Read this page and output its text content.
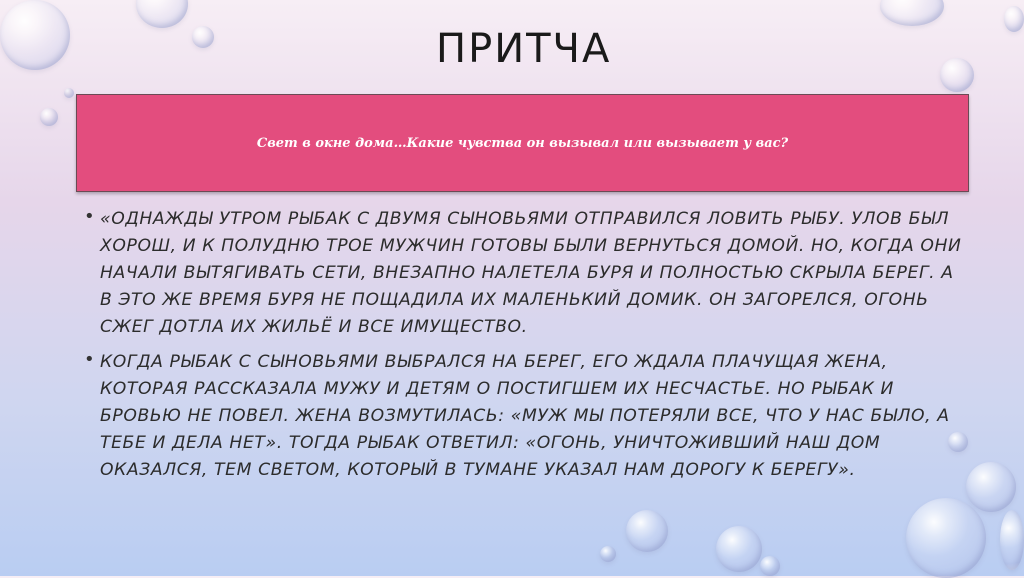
ПРИТЧА
Свет в окне дома…Какие чувства он вызывал или вызывает у вас?
• «ОДНАЖДЫ УТРОМ РЫБАК С ДВУМЯ СЫНОВЬЯМИ ОТПРАВИЛСЯ ЛОВИТЬ РЫБУ. УЛОВ БЫЛ ХОРОШ, И К ПОЛУДНЮ ТРОЕ МУЖЧИН ГОТОВЫ БЫЛИ ВЕРНУТЬСЯ ДОМОЙ. НО, КОГДА ОНИ НАЧАЛИ ВЫТЯГИВАТЬ СЕТИ, ВНЕЗАПНО НАЛЕТЕЛА БУРЯ И ПОЛНОСТЬЮ СКРЫЛА БЕРЕГ. А В ЭТО ЖЕ ВРЕМЯ БУРЯ НЕ ПОЩАДИЛА ИХ МАЛЕНЬКИЙ ДОМИК. ОН ЗАГОРЕЛСЯ, ОГОНЬ СЖЕГ ДОТЛА ИХ ЖИЛЬЁ И ВСЕ ИМУЩЕСТВО.
• КОГДА РЫБАК С СЫНОВЬЯМИ ВЫБРАЛСЯ НА БЕРЕГ, ЕГО ЖДАЛА ПЛАЧУЩАЯ ЖЕНА, КОТОРАЯ РАССКАЗАЛА МУЖУ И ДЕТЯМ О ПОСТИГШЕМ ИХ НЕСЧАСТЬЕ. НО РЫБАК И БРОВЬЮ НЕ ПОВЕЛ. ЖЕНА ВОЗМУТИЛАСЬ: «МУЖ МЫ ПОТЕРЯЛИ ВСЕ, ЧТО У НАС БЫЛО, А ТЕБЕ И ДЕЛА НЕТ». ТОГДА РЫБАК ОТВЕТИЛ: «ОГОНЬ, УНИЧТОЖИВШИЙ НАШ ДОМ ОКАЗАЛСЯ, ТЕМ СВЕТОМ, КОТОРЫЙ В ТУМАНЕ УКАЗАЛ НАМ ДОРОГУ К БЕРЕГУ».
